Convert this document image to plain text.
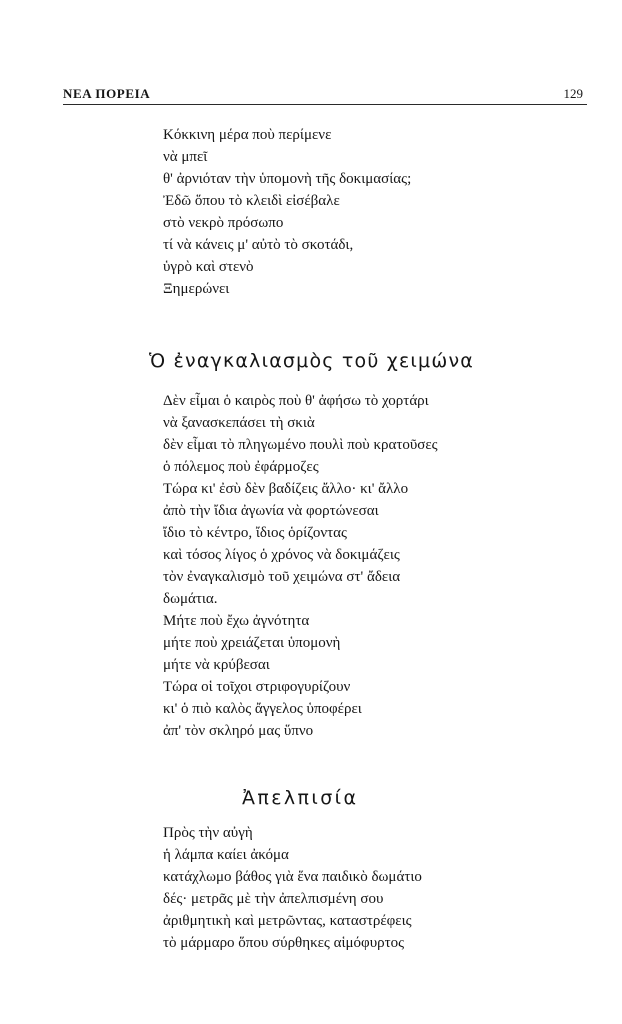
ΝΕΑ ΠΟΡΕΙΑ	129
Κόκκινη μέρα ποὺ περίμενε
νὰ μπεῖ
θ' ἀρνιόταν τὴν ὑπομονὴ τῆς δοκιμασίας;
Ἐδῶ ὅπου τὸ κλειδὶ εἰσέβαλε
στὸ νεκρὸ πρόσωπο
τί νὰ κάνεις μ' αὐτὸ τὸ σκοτάδι,
ὑγρὸ καὶ στενὸ
Ξημερώνει
Ὁ ἐναγκαλιασμὸς τοῦ χειμώνα
Δὲν εἶμαι ὁ καιρὸς ποὺ θ' ἀφήσω τὸ χορτάρι
νὰ ξανασκεπάσει τὴ σκιὰ
δὲν εἶμαι τὸ πληγωμένο πουλὶ ποὺ κρατοῦσες
ὁ πόλεμος ποὺ ἐφάρμοζες
Τώρα κι' ἐσὺ δὲν βαδίζεις ἄλλο· κι' ἄλλο
ἀπὸ τὴν ἴδια ἀγωνία νὰ φορτώνεσαι
ἴδιο τὸ κέντρο, ἴδιος ὁρίζοντας
καὶ τόσος λίγος ὁ χρόνος νὰ δοκιμάζεις
τὸν ἐναγκαλισμὸ τοῦ χειμώνα στ' ἄδεια
δωμάτια.
Μήτε ποὺ ἔχω ἀγνότητα
μήτε ποὺ χρειάζεται ὑπομονὴ
μήτε νὰ κρύβεσαι
Τώρα οἱ τοῖχοι στριφογυρίζουν
κι' ὁ πιὸ καλὸς ἄγγελος ὑποφέρει
ἀπ' τὸν σκληρό μας ὕπνο
Ἀπελπισία
Πρὸς τὴν αὐγὴ
ἡ λάμπα καίει ἀκόμα
κατάχλωμο βάθος γιὰ ἕνα παιδικὸ δωμάτιο
δές· μετρᾶς μὲ τὴν ἀπελπισμένη σου
ἀριθμητικὴ καὶ μετρῶντας, καταστρέφεις
τὸ μάρμαρο ὅπου σύρθηκες αἱμόφυρτος
